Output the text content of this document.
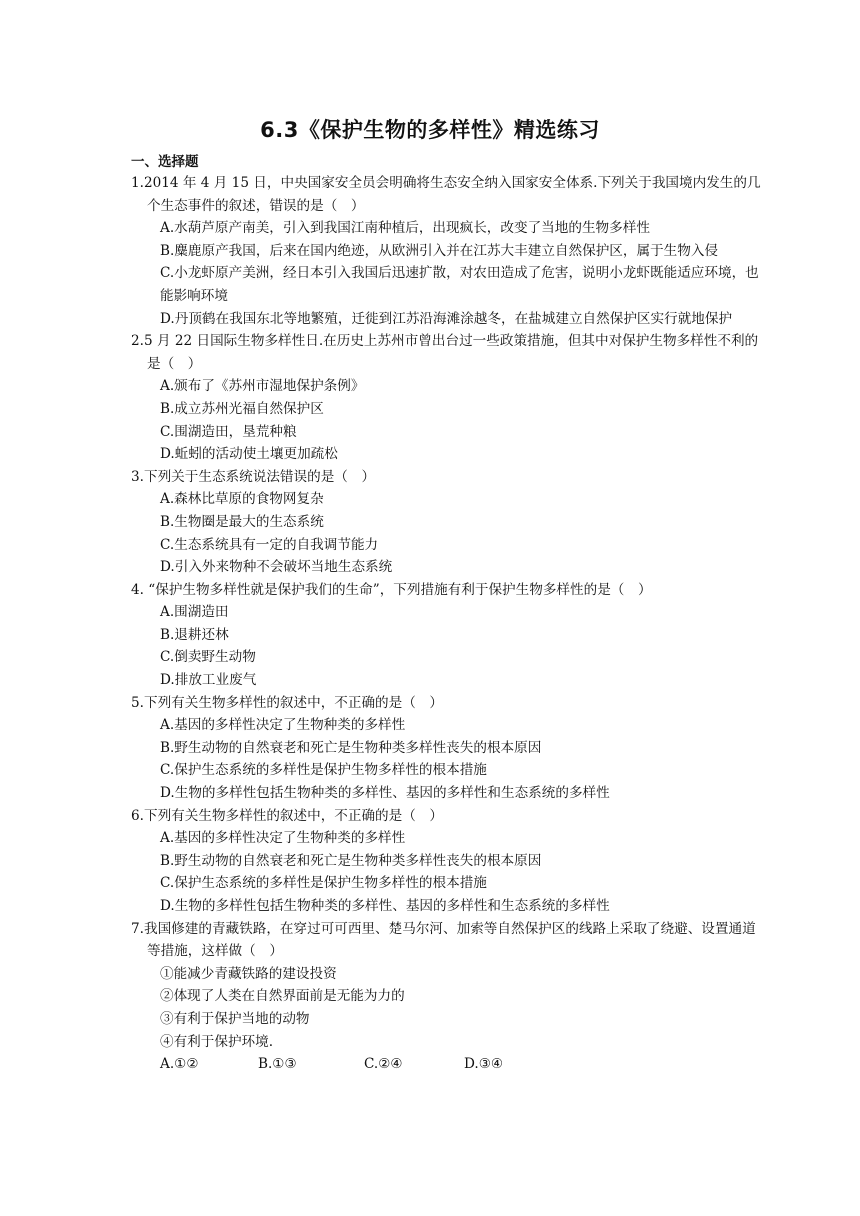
6.3《保护生物的多样性》精选练习
一、选择题
1.2014 年 4 月 15 日，中央国家安全员会明确将生态安全纳入国家安全体系.下列关于我国境内发生的几个生态事件的叙述，错误的是（　）
A.水葫芦原产南美，引入到我国江南种植后，出现疯长，改变了当地的生物多样性
B.麋鹿原产我国，后来在国内绝迹，从欧洲引入并在江苏大丰建立自然保护区，属于生物入侵
C.小龙虾原产美洲，经日本引入我国后迅速扩散，对农田造成了危害，说明小龙虾既能适应环境，也能影响环境
D.丹顶鹤在我国东北等地繁殖，迁徙到江苏沿海滩涂越冬，在盐城建立自然保护区实行就地保护
2.5 月 22 日国际生物多样性日.在历史上苏州市曾出台过一些政策措施，但其中对保护生物多样性不利的是（　）
A.颁布了《苏州市湿地保护条例》
B.成立苏州光福自然保护区
C.围湖造田，垦荒种粮
D.蚯蚓的活动使土壤更加疏松
3.下列关于生态系统说法错误的是（　）
A.森林比草原的食物网复杂
B.生物圈是最大的生态系统
C.生态系统具有一定的自我调节能力
D.引入外来物种不会破坏当地生态系统
4. “保护生物多样性就是保护我们的生命”，下列措施有利于保护生物多样性的是（　）
A.围湖造田
B.退耕还林
C.倒卖野生动物
D.排放工业废气
5.下列有关生物多样性的叙述中，不正确的是（　）
A.基因的多样性决定了生物种类的多样性
B.野生动物的自然衰老和死亡是生物种类多样性丧失的根本原因
C.保护生态系统的多样性是保护生物多样性的根本措施
D.生物的多样性包括生物种类的多样性、基因的多样性和生态系统的多样性
6.下列有关生物多样性的叙述中，不正确的是（　）
A.基因的多样性决定了生物种类的多样性
B.野生动物的自然衰老和死亡是生物种类多样性丧失的根本原因
C.保护生态系统的多样性是保护生物多样性的根本措施
D.生物的多样性包括生物种类的多样性、基因的多样性和生态系统的多样性
7.我国修建的青藏铁路，在穿过可可西里、楚马尔河、加索等自然保护区的线路上采取了绕避、设置通道等措施，这样做（　）
①能减少青藏铁路的建设投资
②体现了人类在自然界面前是无能为力的
③有利于保护当地的动物
④有利于保护环境.
A.①②	B.①③	C.②④	D.③④
